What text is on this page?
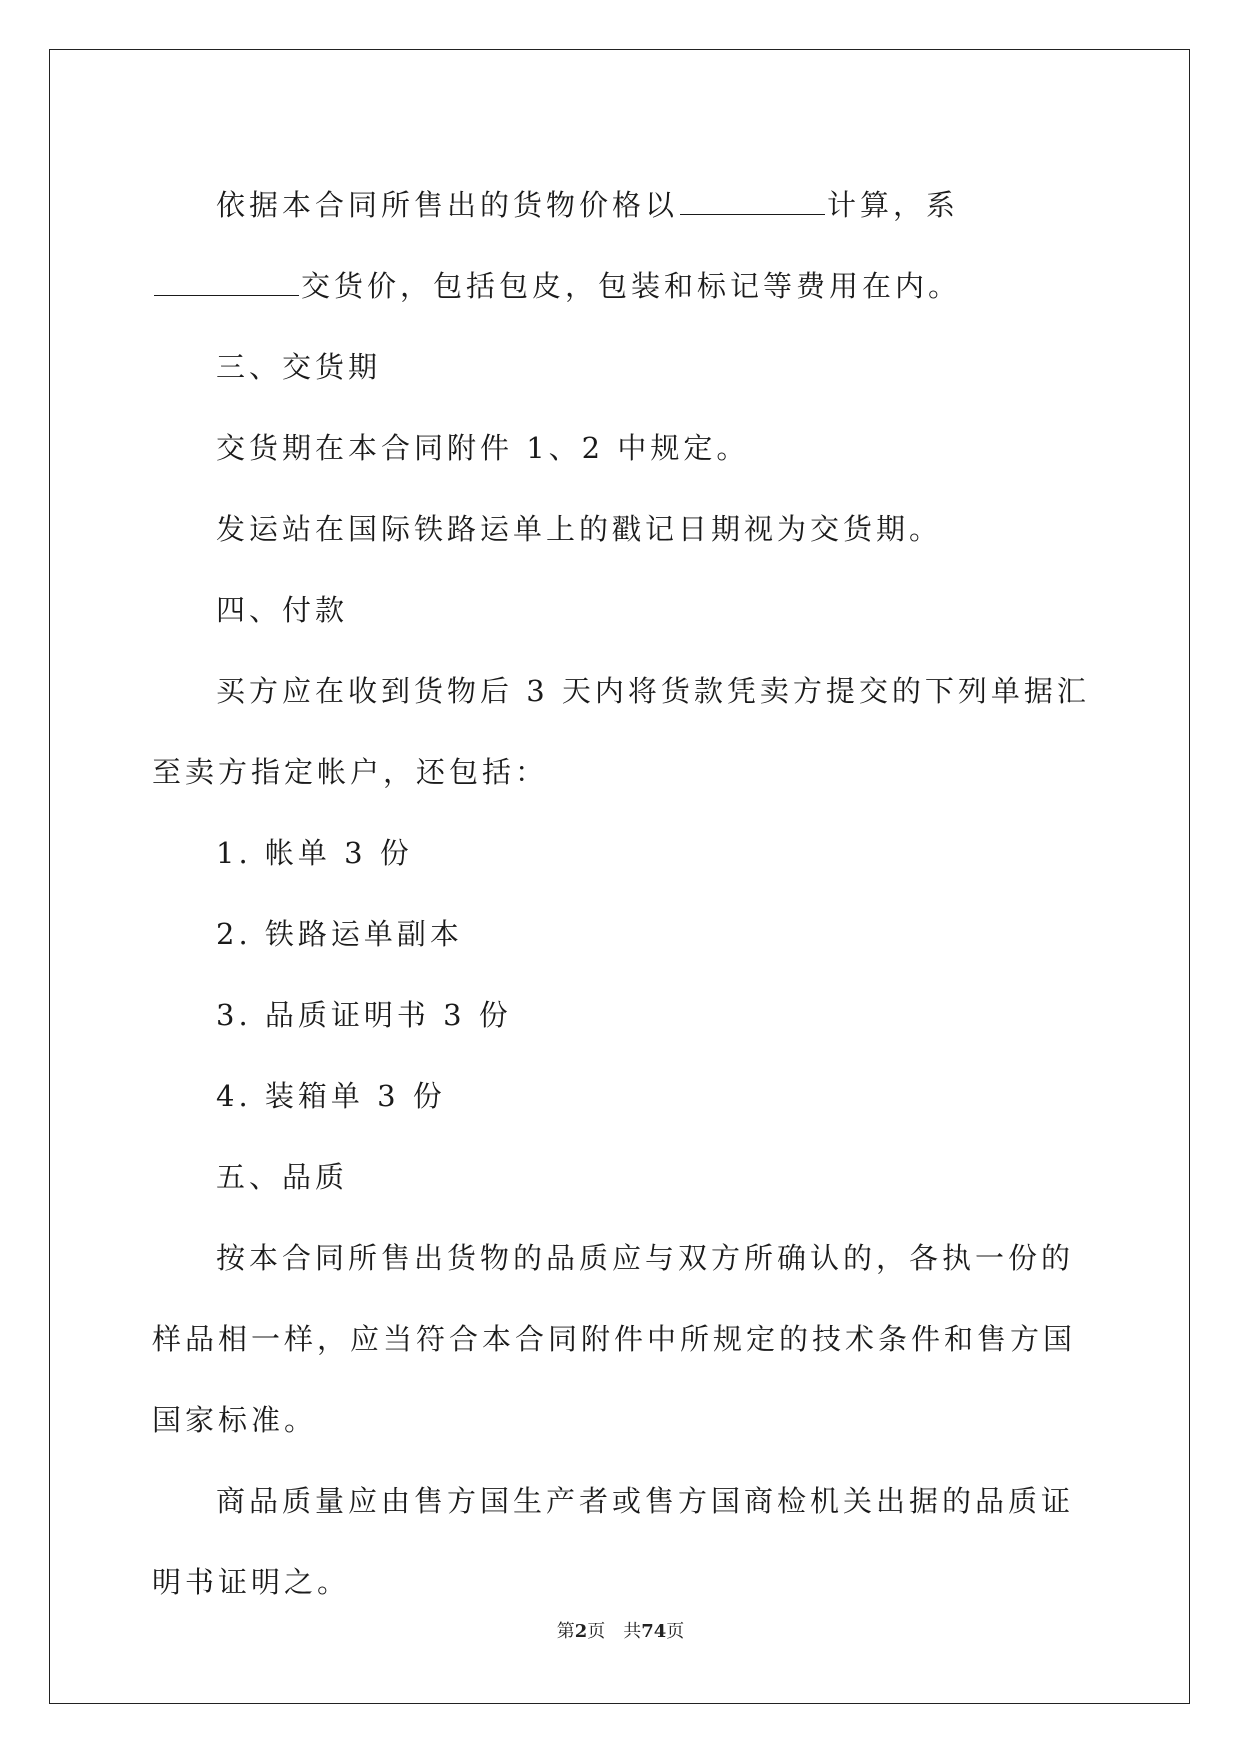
依据本合同所售出的货物价格以	计算，系交货价，包括包皮，包装和标记等费用在内。

三、交货期

交货期在本合同附件 1、2 中规定。

发运站在国际铁路运单上的戳记日期视为交货期。

四、付款

买方应在收到货物后 3 天内将货款凭卖方提交的下列单据汇至卖方指定帐户，还包括：

1. 帐单 3 份

2. 铁路运单副本

3. 品质证明书 3 份

4. 装箱单 3 份

五、品质

按本合同所售出货物的品质应与双方所确认的，各执一份的样品相一样，应当符合本合同附件中所规定的技术条件和售方国国家标准。

商品质量应由售方国生产者或售方国商检机关出据的品质证明书证明之。

第2页 共74页
